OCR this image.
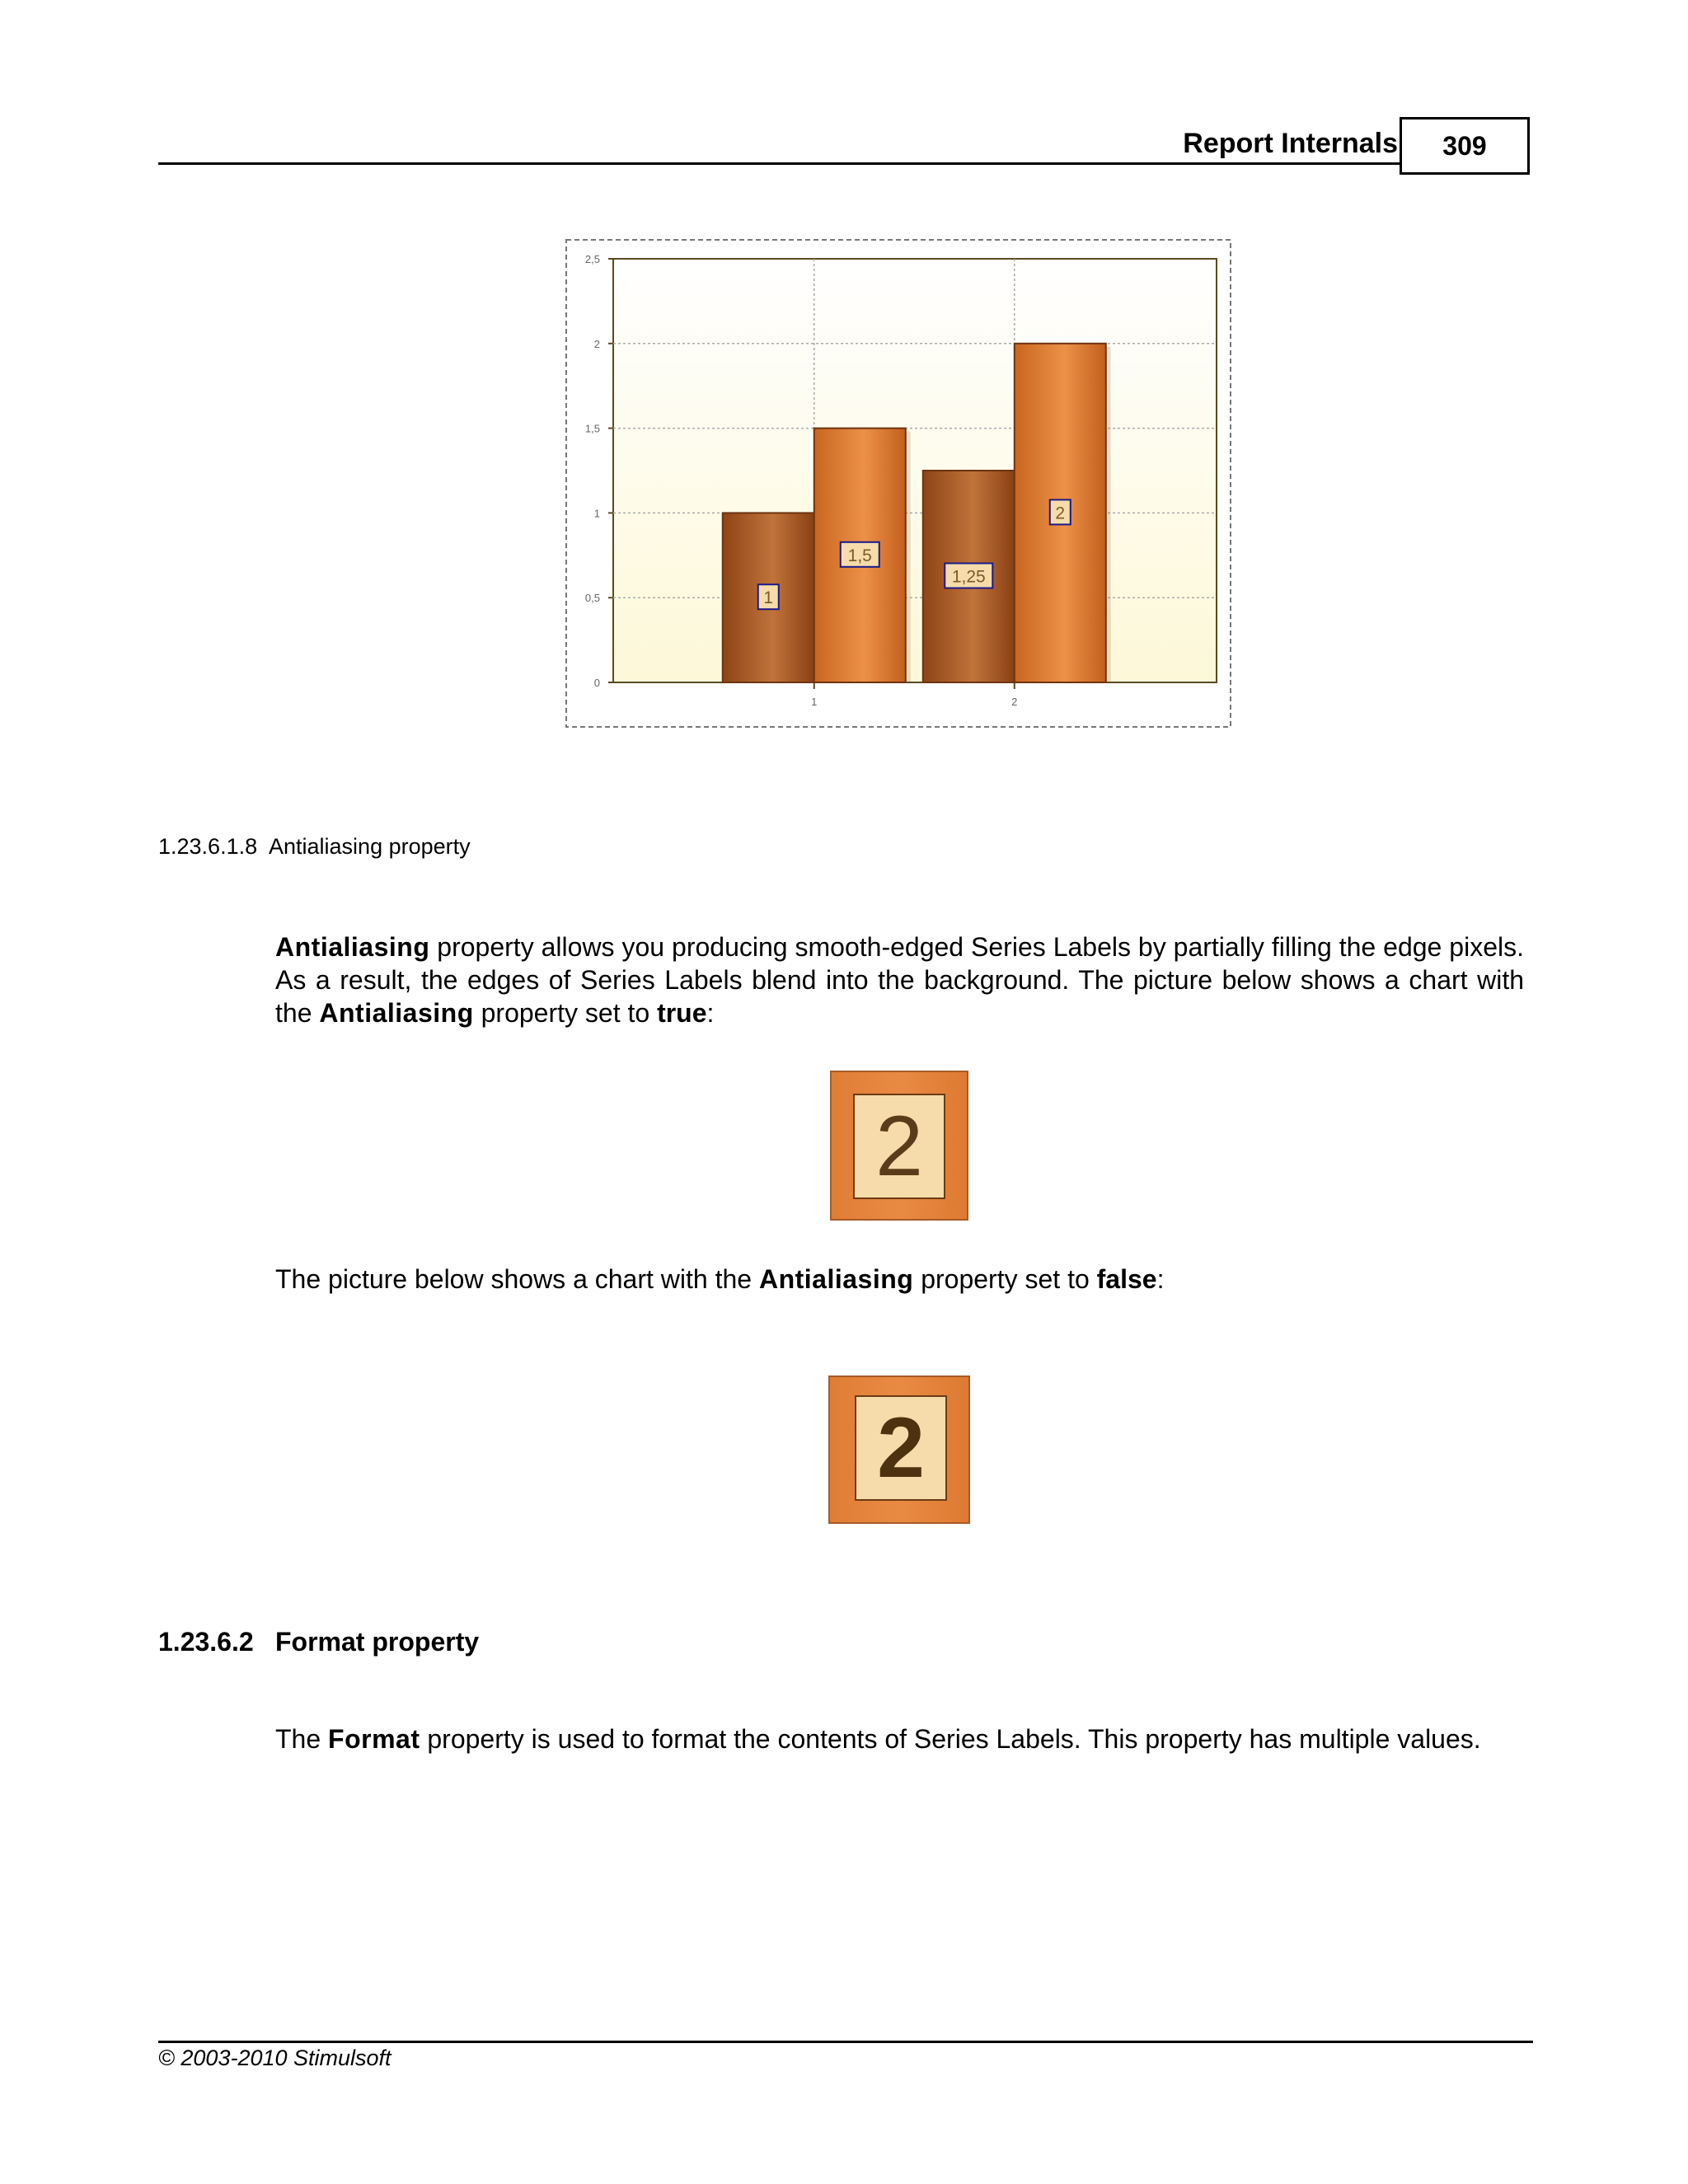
Report Internals	309
0
0,5
1
1,5
2
2,5
1	2
1
1,5
1,25
2
1.23.6.1.8 Antialiasing property
Antialiasing property allows you producing smooth-edged Series Labels by partially filling the edge pixels. As a result, the edges of Series Labels blend into the background. The picture below shows a chart with the Antialiasing property set to true:
2
The picture below shows a chart with the Antialiasing property set to false:
2
1.23.6.2 Format property
The Format property is used to format the contents of Series Labels. This property has multiple values.
© 2003-2010 Stimulsoft
